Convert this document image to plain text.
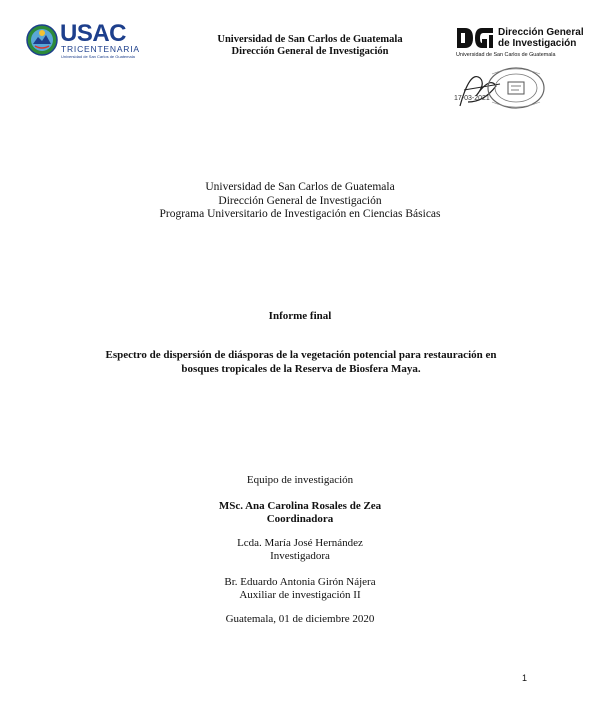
USAC
TRICENTENARIA
Universidad de San Carlos de Guatemala
Universidad de San Carlos de Guatemala
Dirección General de Investigación
Dirección General
de Investigación
Universidad de San Carlos de Guatemala
17-03-2021
Universidad de San Carlos de Guatemala
Dirección General de Investigación
Programa Universitario de Investigación en Ciencias Básicas
Informe final
Espectro de dispersión de diásporas de la vegetación potencial para restauración en
bosques tropicales de la Reserva de Biosfera Maya.
Equipo de investigación
MSc. Ana Carolina Rosales de Zea
Coordinadora
Lcda. María José Hernández
Investigadora
Br. Eduardo Antonia Girón Nájera
Auxiliar de investigación II
Guatemala, 01 de diciembre 2020
1
